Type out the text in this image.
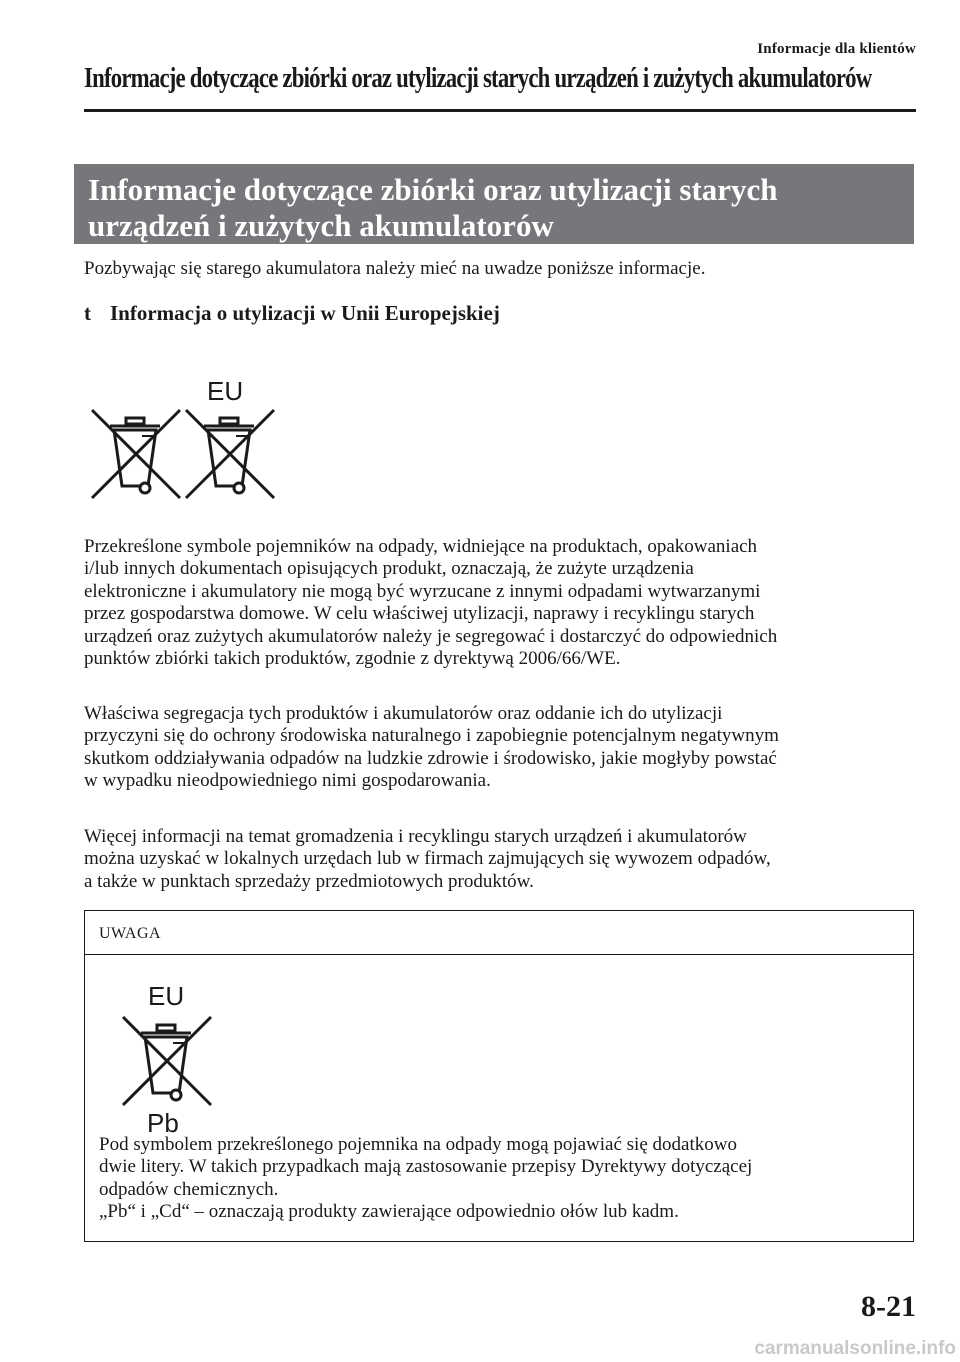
Informacje dla klientów
Informacje dotyczące zbiórki oraz utylizacji starych urządzeń i zużytych akumulatorów
Informacje dotyczące zbiórki oraz utylizacji starych
urządzeń i zużytych akumulatorów
Pozbywając się starego akumulatora należy mieć na uwadze poniższe informacje.
t Informacja o utylizacji w Unii Europejskiej
EU
Przekreślone symbole pojemników na odpady, widniejące na produktach, opakowaniach
i/lub innych dokumentach opisujących produkt, oznaczają, że zużyte urządzenia
elektroniczne i akumulatory nie mogą być wyrzucane z innymi odpadami wytwarzanymi
przez gospodarstwa domowe. W celu właściwej utylizacji, naprawy i recyklingu starych
urządzeń oraz zużytych akumulatorów należy je segregować i dostarczyć do odpowiednich
punktów zbiórki takich produktów, zgodnie z dyrektywą 2006/66/WE.
Właściwa segregacja tych produktów i akumulatorów oraz oddanie ich do utylizacji
przyczyni się do ochrony środowiska naturalnego i zapobiegnie potencjalnym negatywnym
skutkom oddziaływania odpadów na ludzkie zdrowie i środowisko, jakie mogłyby powstać
w wypadku nieodpowiedniego nimi gospodarowania.
Więcej informacji na temat gromadzenia i recyklingu starych urządzeń i akumulatorów
można uzyskać w lokalnych urzędach lub w firmach zajmujących się wywozem odpadów,
a także w punktach sprzedaży przedmiotowych produktów.
UWAGA
EU
Pb
Pod symbolem przekreślonego pojemnika na odpady mogą pojawiać się dodatkowo
dwie litery. W takich przypadkach mają zastosowanie przepisy Dyrektywy dotyczącej
odpadów chemicznych.
„Pb“ i „Cd“ – oznaczają produkty zawierające odpowiednio ołów lub kadm.
8-21
carmanualsonline.info
